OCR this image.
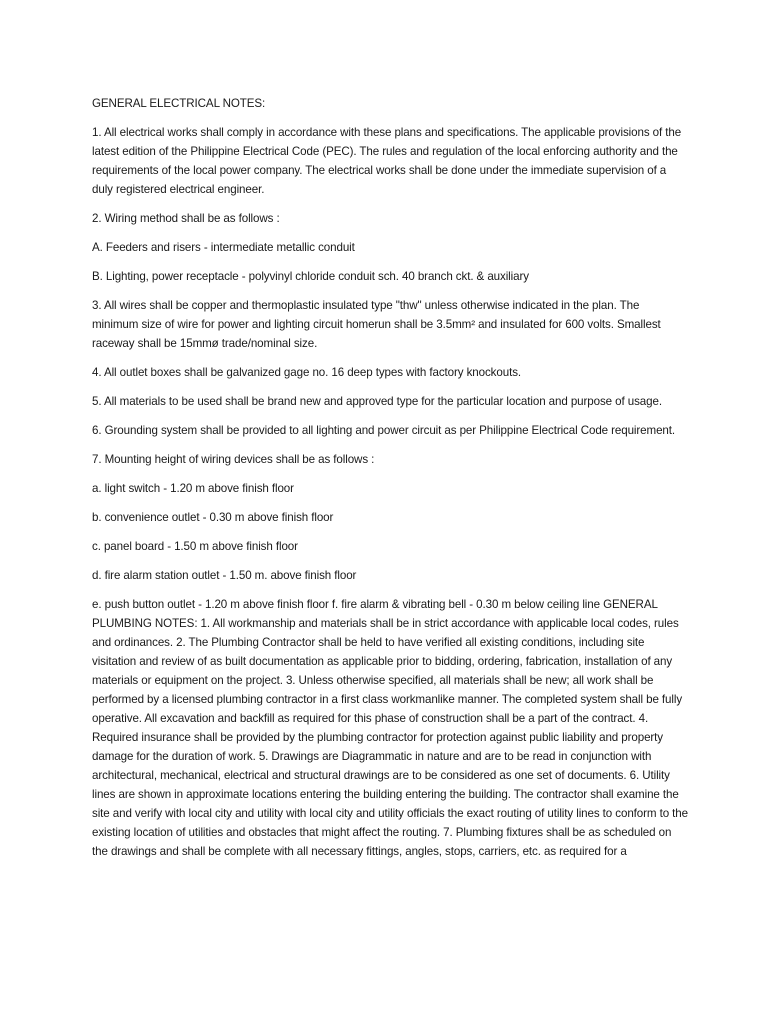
GENERAL ELECTRICAL NOTES:

1. All electrical works shall comply in accordance with these plans and specifications. The applicable provisions of the latest edition of the Philippine Electrical Code (PEC). The rules and regulation of the local enforcing authority and the requirements of the local power company. The electrical works shall be done under the immediate supervision of a duly registered electrical engineer.

2. Wiring method shall be as follows :

A. Feeders and risers - intermediate metallic conduit

B. Lighting, power receptacle - polyvinyl chloride conduit sch. 40 branch ckt. & auxiliary

3. All wires shall be copper and thermoplastic insulated type "thw" unless otherwise indicated in the plan. The minimum size of wire for power and lighting circuit homerun shall be 3.5mm² and insulated for 600 volts. Smallest raceway shall be 15mmø trade/nominal size.

4. All outlet boxes shall be galvanized gage no. 16 deep types with factory knockouts.

5. All materials to be used shall be brand new and approved type for the particular location and purpose of usage.

6. Grounding system shall be provided to all lighting and power circuit as per Philippine Electrical Code requirement.

7. Mounting height of wiring devices shall be as follows :

a. light switch - 1.20 m above finish floor

b. convenience outlet - 0.30 m above finish floor

c. panel board - 1.50 m above finish floor

d. fire alarm station outlet - 1.50 m. above finish floor

e. push button outlet - 1.20 m above finish floor f. fire alarm & vibrating bell - 0.30 m below ceiling line GENERAL PLUMBING NOTES: 1. All workmanship and materials shall be in strict accordance with applicable local codes, rules and ordinances. 2. The Plumbing Contractor shall be held to have verified all existing conditions, including site visitation and review of as built documentation as applicable prior to bidding, ordering, fabrication, installation of any materials or equipment on the project. 3. Unless otherwise specified, all materials shall be new; all work shall be performed by a licensed plumbing contractor in a first class workmanlike manner. The completed system shall be fully operative. All excavation and backfill as required for this phase of construction shall be a part of the contract. 4. Required insurance shall be provided by the plumbing contractor for protection against public liability and property damage for the duration of work. 5. Drawings are Diagrammatic in nature and are to be read in conjunction with architectural, mechanical, electrical and structural drawings are to be considered as one set of documents. 6. Utility lines are shown in approximate locations entering the building entering the building. The contractor shall examine the site and verify with local city and utility with local city and utility officials the exact routing of utility lines to conform to the existing location of utilities and obstacles that might affect the routing. 7. Plumbing fixtures shall be as scheduled on the drawings and shall be complete with all necessary fittings, angles, stops, carriers, etc. as required for a
